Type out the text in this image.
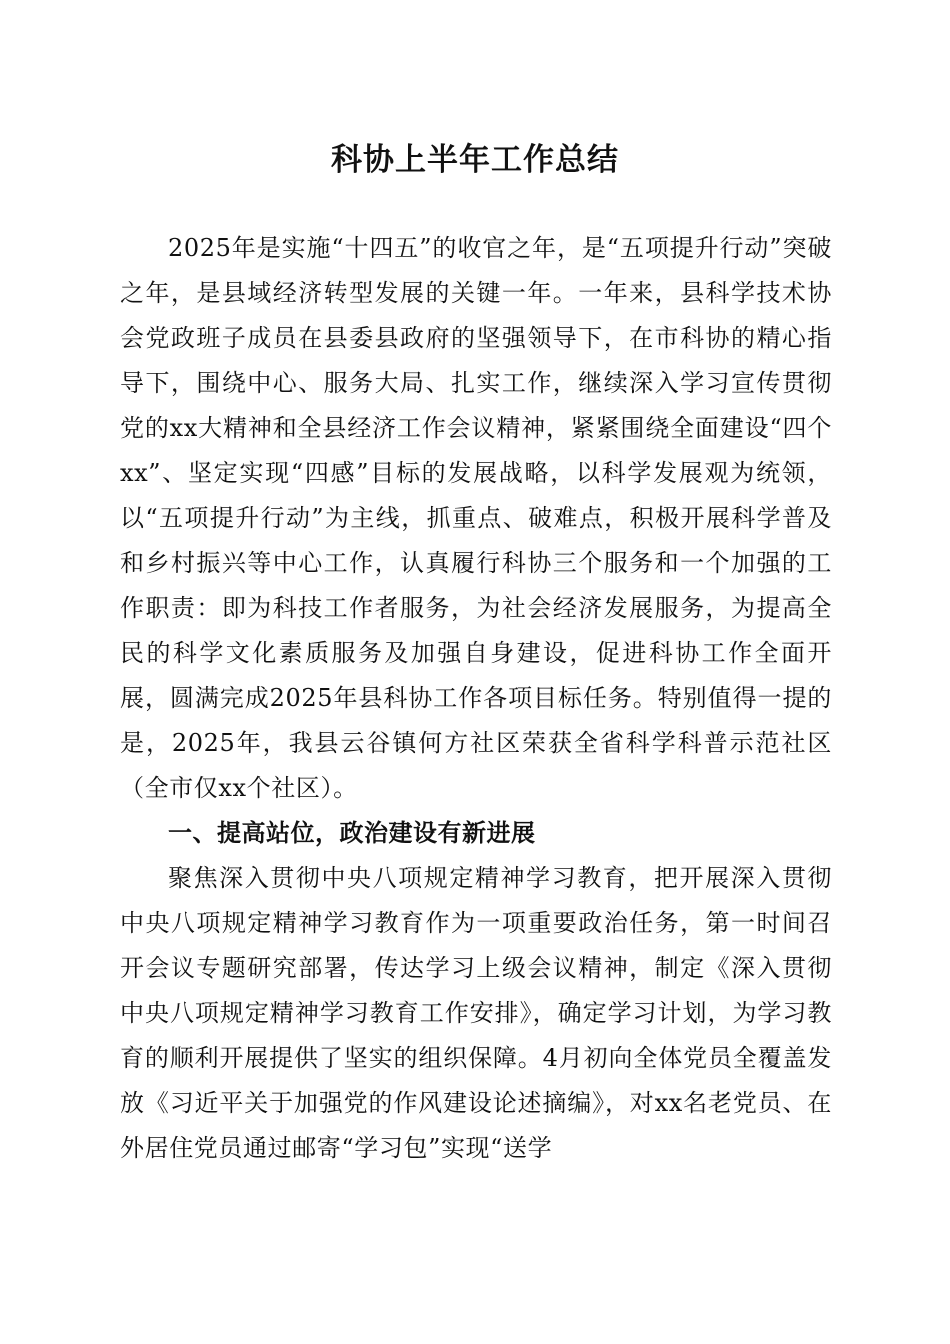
科协上半年工作总结

2025年是实施“十四五”的收官之年，是“五项提升行动”突破之年，是县域经济转型发展的关键一年。一年来，县科学技术协会党政班子成员在县委县政府的坚强领导下，在市科协的精心指导下，围绕中心、服务大局、扎实工作，继续深入学习宣传贯彻党的xx大精神和全县经济工作会议精神，紧紧围绕全面建设“四个xx”、坚定实现“四感”目标的发展战略，以科学发展观为统领，以“五项提升行动”为主线，抓重点、破难点，积极开展科学普及和乡村振兴等中心工作，认真履行科协三个服务和一个加强的工作职责：即为科技工作者服务，为社会经济发展服务，为提高全民的科学文化素质服务及加强自身建设，促进科协工作全面开展，圆满完成2025年县科协工作各项目标任务。特别值得一提的是，2025年，我县云谷镇何方社区荣获全省科学科普示范社区（全市仅xx个社区）。

一、提高站位，政治建设有新进展

聚焦深入贯彻中央八项规定精神学习教育，把开展深入贯彻中央八项规定精神学习教育作为一项重要政治任务，第一时间召开会议专题研究部署，传达学习上级会议精神，制定《深入贯彻中央八项规定精神学习教育工作安排》，确定学习计划，为学习教育的顺利开展提供了坚实的组织保障。4月初向全体党员全覆盖发放《习近平关于加强党的作风建设论述摘编》，对xx名老党员、在外居住党员通过邮寄“学习包”实现“送学
